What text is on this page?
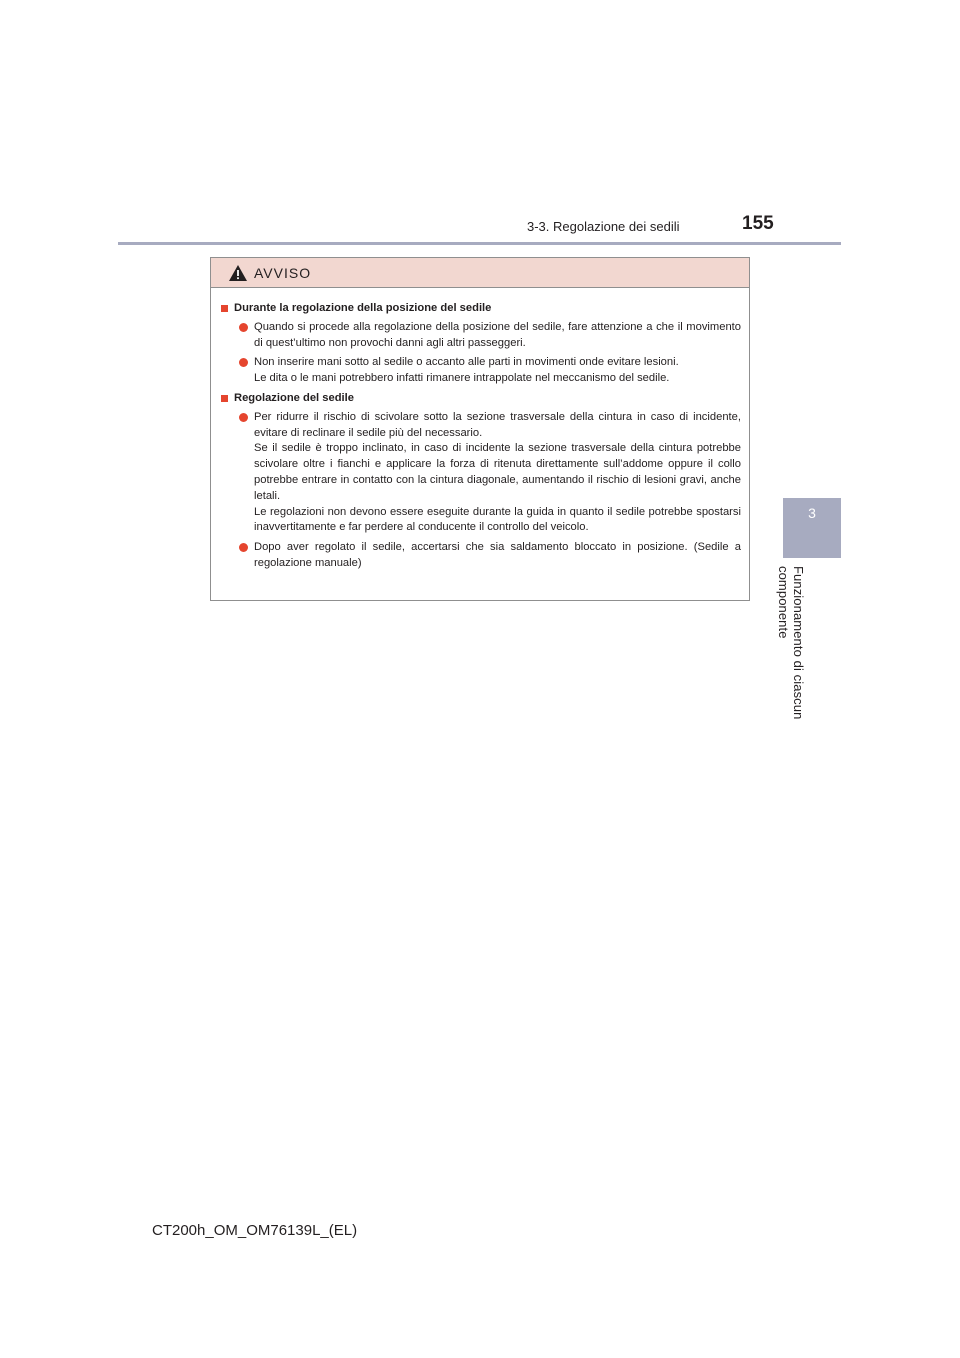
3-3. Regolazione dei sedili	155
3
Funzionamento di ciascun componente
AVVISO
Durante la regolazione della posizione del sedile

Quando si procede alla regolazione della posizione del sedile, fare attenzione a che il movimento di quest’ultimo non provochi danni agli altri passeggeri.

Non inserire mani sotto al sedile o accanto alle parti in movimenti onde evitare lesioni.

Le dita o le mani potrebbero infatti rimanere intrappolate nel meccanismo del sedile.

Regolazione del sedile

Per ridurre il rischio di scivolare sotto la sezione trasversale della cintura in caso di incidente, evitare di reclinare il sedile più del necessario.

Se il sedile è troppo inclinato, in caso di incidente la sezione trasversale della cintura potrebbe scivolare oltre i fianchi e applicare la forza di ritenuta direttamente sull’addome oppure il collo potrebbe entrare in contatto con la cintura diagonale, aumentando il rischio di lesioni gravi, anche letali.

Le regolazioni non devono essere eseguite durante la guida in quanto il sedile potrebbe spostarsi inavvertitamente e far perdere al conducente il controllo del veicolo.

Dopo aver regolato il sedile, accertarsi che sia saldamento bloccato in posizione. (Sedile a regolazione manuale)

CT200h_OM_OM76139L_(EL)
